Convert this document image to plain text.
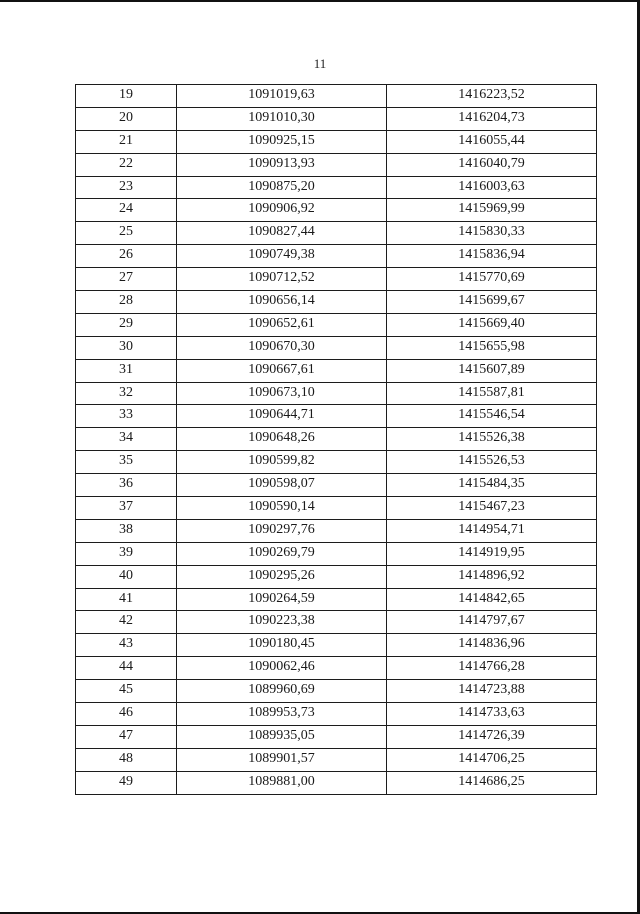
11
19	1091019,63	1416223,52
20	1091010,30	1416204,73
21	1090925,15	1416055,44
22	1090913,93	1416040,79
23	1090875,20	1416003,63
24	1090906,92	1415969,99
25	1090827,44	1415830,33
26	1090749,38	1415836,94
27	1090712,52	1415770,69
28	1090656,14	1415699,67
29	1090652,61	1415669,40
30	1090670,30	1415655,98
31	1090667,61	1415607,89
32	1090673,10	1415587,81
33	1090644,71	1415546,54
34	1090648,26	1415526,38
35	1090599,82	1415526,53
36	1090598,07	1415484,35
37	1090590,14	1415467,23
38	1090297,76	1414954,71
39	1090269,79	1414919,95
40	1090295,26	1414896,92
41	1090264,59	1414842,65
42	1090223,38	1414797,67
43	1090180,45	1414836,96
44	1090062,46	1414766,28
45	1089960,69	1414723,88
46	1089953,73	1414733,63
47	1089935,05	1414726,39
48	1089901,57	1414706,25
49	1089881,00	1414686,25
